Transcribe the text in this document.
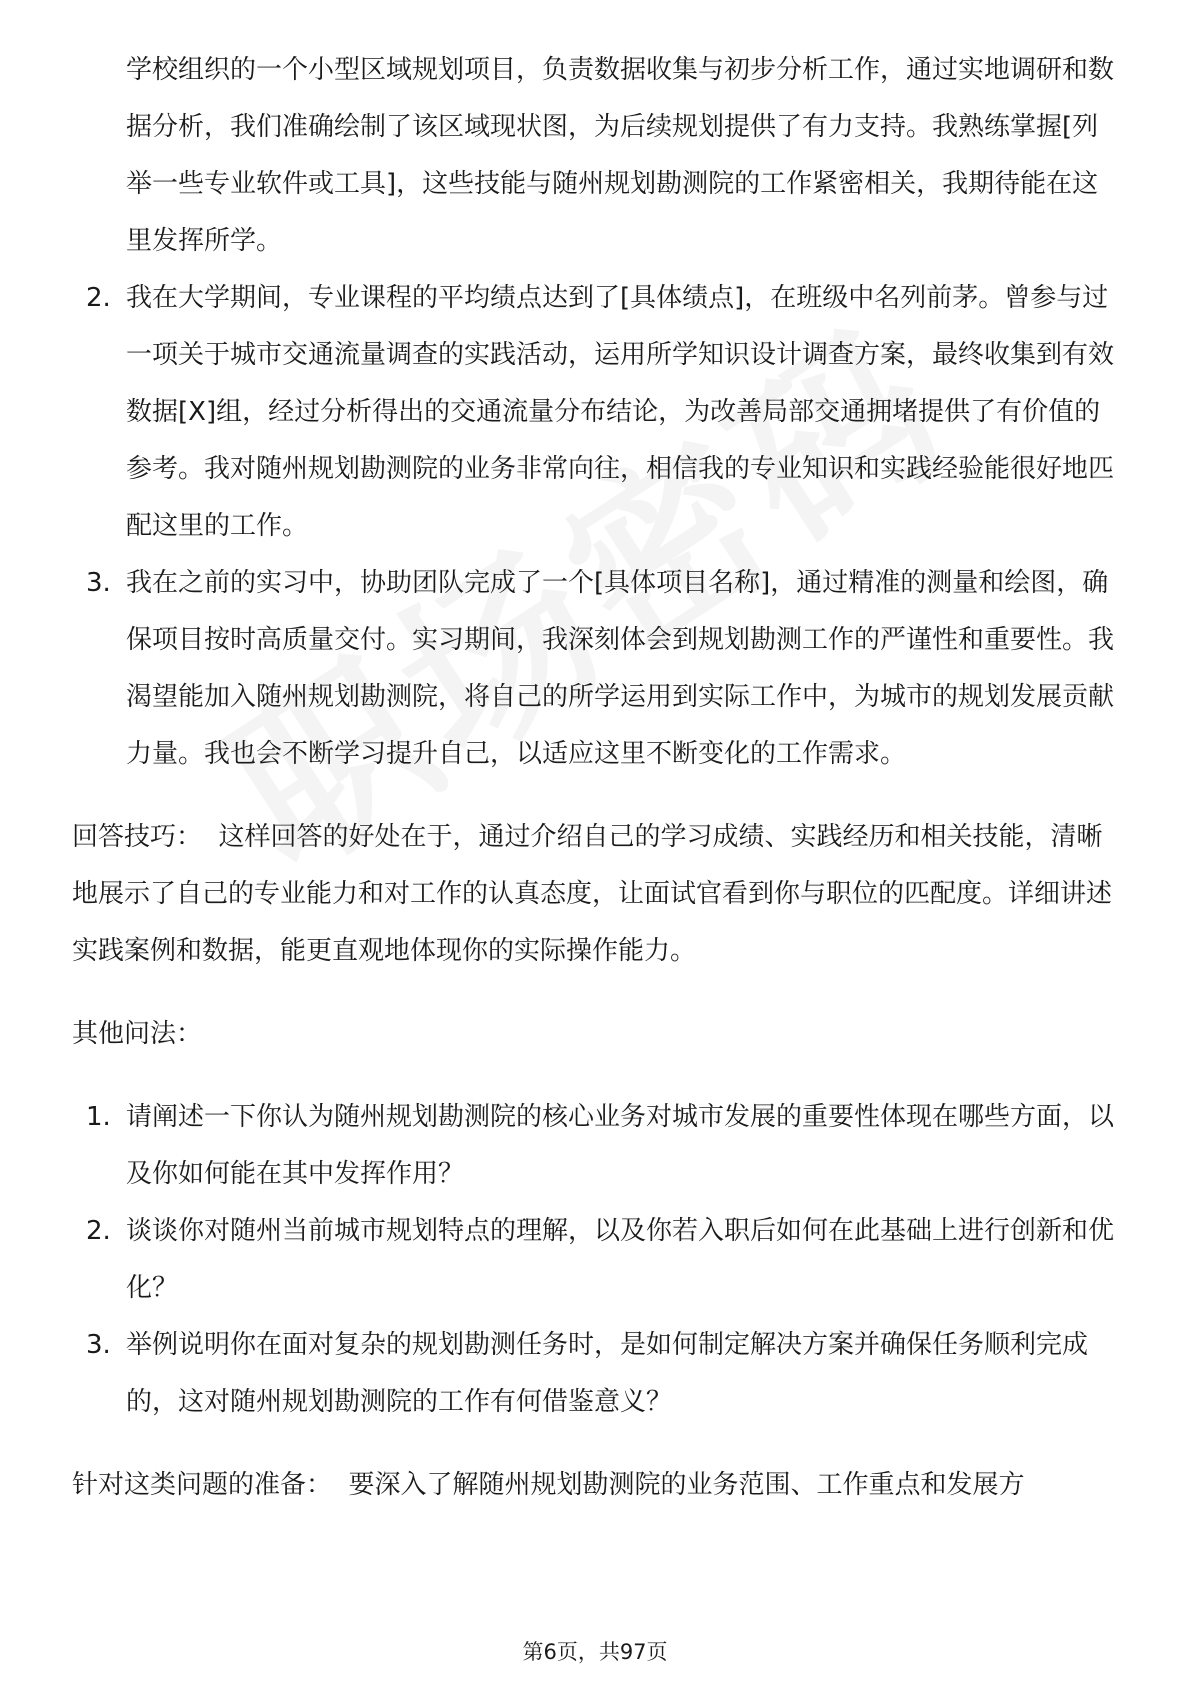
学校组织的一个小型区域规划项目，负责数据收集与初步分析工作，通过实地调研和数据分析，我们准确绘制了该区域现状图，为后续规划提供了有力支持。我熟练掌握[列举一些专业软件或工具]，这些技能与随州规划勘测院的工作紧密相关，我期待能在这里发挥所学。

2. 我在大学期间，专业课程的平均绩点达到了[具体绩点]，在班级中名列前茅。曾参与过一项关于城市交通流量调查的实践活动，运用所学知识设计调查方案，最终收集到有效数据[X]组，经过分析得出的交通流量分布结论，为改善局部交通拥堵提供了有价值的参考。我对随州规划勘测院的业务非常向往，相信我的专业知识和实践经验能很好地匹配这里的工作。
3. 我在之前的实习中，协助团队完成了一个[具体项目名称]，通过精准的测量和绘图，确保项目按时高质量交付。实习期间，我深刻体会到规划勘测工作的严谨性和重要性。我渴望能加入随州规划勘测院，将自己的所学运用到实际工作中，为城市的规划发展贡献力量。我也会不断学习提升自己，以适应这里不断变化的工作需求。

回答技巧： 这样回答的好处在于，通过介绍自己的学习成绩、实践经历和相关技能，清晰地展示了自己的专业能力和对工作的认真态度，让面试官看到你与职位的匹配度。详细讲述实践案例和数据，能更直观地体现你的实际操作能力。

其他问法：

1. 请阐述一下你认为随州规划勘测院的核心业务对城市发展的重要性体现在哪些方面，以及你如何能在其中发挥作用？
2. 谈谈你对随州当前城市规划特点的理解，以及你若入职后如何在此基础上进行创新和优化？
3. 举例说明你在面对复杂的规划勘测任务时，是如何制定解决方案并确保任务顺利完成的，这对随州规划勘测院的工作有何借鉴意义？

针对这类问题的准备： 要深入了解随州规划勘测院的业务范围、工作重点和发展方

第6页，共97页
